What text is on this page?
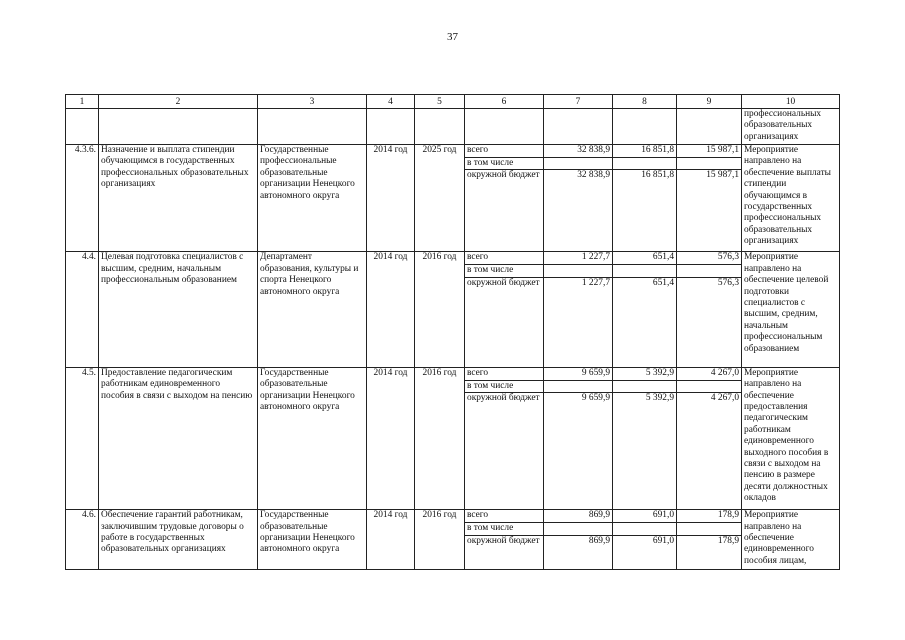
37
1	2	3	4	5	6	7	8	9	10
									профессиональных образовательных организациях
4.3.6.	Назначение и выплата стипендии обучающимся в государственных профессиональных образовательных организациях	Государственные профессиональные образовательные организации Ненецкого автономного округа	2014 год	2025 год	всего	32 838,9	16 851,8	15 987,1	Мероприятие направлено на обеспечение выплаты стипендии обучающимся в государственных профессиональных образовательных организациях
					в том числе				
					окружной бюджет	32 838,9	16 851,8	15 987,1	
4.4.	Целевая подготовка специалистов с высшим, средним, начальным профессиональным образованием	Департамент образования, культуры и спорта Ненецкого автономного округа	2014 год	2016 год	всего	1 227,7	651,4	576,3	Мероприятие направлено на обеспечение целевой подготовки специалистов с высшим, средним, начальным профессиональным образованием
					в том числе				
					окружной бюджет	1 227,7	651,4	576,3	
4.5.	Предоставление педагогическим работникам единовременного пособия в связи с выходом на пенсию	Государственные образовательные организации Ненецкого автономного округа	2014 год	2016 год	всего	9 659,9	5 392,9	4 267,0	Мероприятие направлено на обеспечение предоставления педагогическим работникам единовременного выходного пособия в связи с выходом на пенсию в размере десяти должностных окладов
					в том числе				
					окружной бюджет	9 659,9	5 392,9	4 267,0	
4.6.	Обеспечение гарантий работникам, заключившим трудовые договоры о работе в государственных образовательных организациях	Государственные образовательные организации Ненецкого автономного округа	2014 год	2016 год	всего	869,9	691,0	178,9	Мероприятие направлено на обеспечение единовременного пособия лицам,
					в том числе				
					окружной бюджет	869,9	691,0	178,9	
